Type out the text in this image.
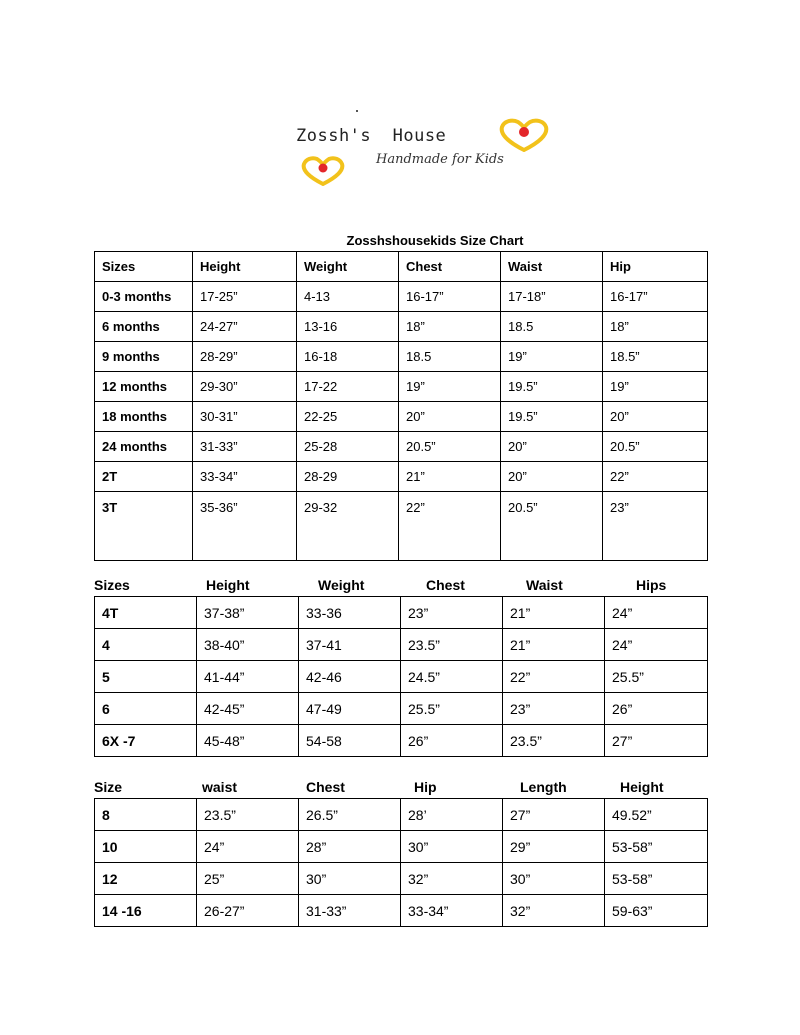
Zossh's  House
Handmade for Kids
Zosshshousekids Size Chart
Sizes	Height	Weight	Chest	Waist	Hip
0-3 months	17-25”	4-13	16-17”	17-18”	16-17”
6 months	24-27”	13-16	18”	18.5	18”
9 months	28-29”	16-18	18.5	19”	18.5”
12 months	29-30”	17-22	19”	19.5”	19”
18 months	30-31”	22-25	20”	19.5”	20”
24 months	31-33”	25-28	20.5”	20”	20.5”
2T	33-34”	28-29	21”	20”	22”
3T	35-36”	29-32	22”	20.5”	23”
Sizes	Height	Weight	Chest	Waist	Hips
4T	37-38”	33-36	23”	21”	24”
4	38-40”	37-41	23.5”	21”	24”
5	41-44”	42-46	24.5”	22”	25.5”
6	42-45”	47-49	25.5”	23”	26”
6X -7	45-48”	54-58	26”	23.5”	27”
Size	waist	Chest	Hip	Length	Height
8	23.5”	26.5”	28’	27”	49.52”
10	24”	28”	30”	29”	53-58”
12	25”	30”	32”	30”	53-58”
14 -16	26-27”	31-33”	33-34”	32”	59-63”
